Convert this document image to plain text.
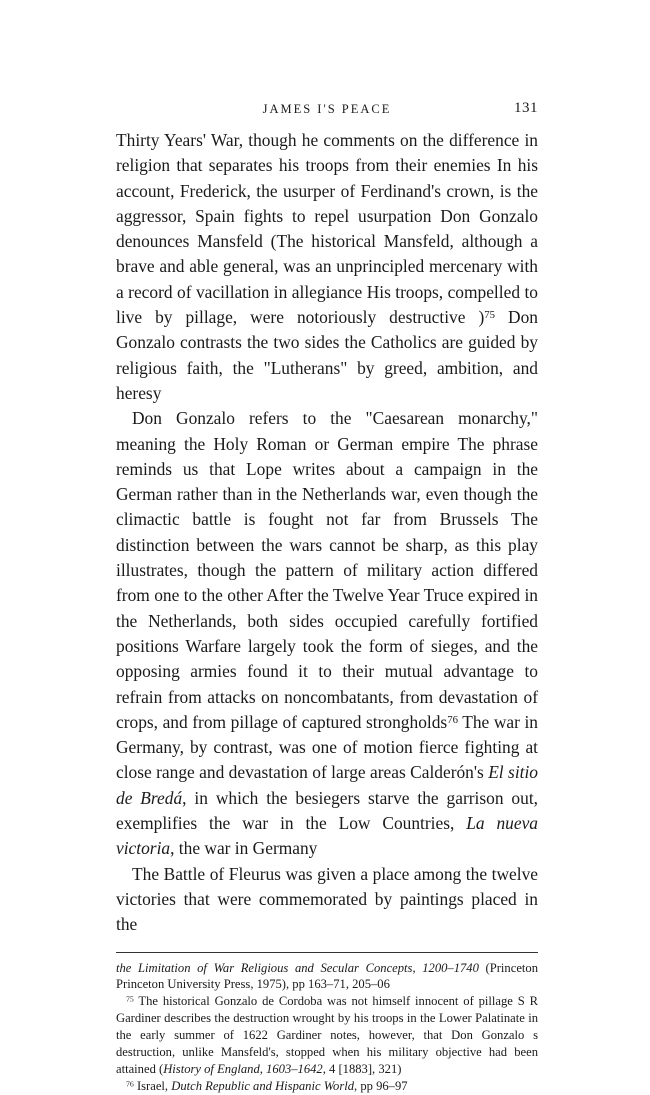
JAMES I'S PEACE	131

Thirty Years' War, though he comments on the difference in religion that separates his troops from their enemies In his account, Frederick, the usurper of Ferdinand's crown, is the aggressor, Spain fights to repel usurpation Don Gonzalo denounces Mansfeld (The historical Mansfeld, although a brave and able general, was an unprincipled mercenary with a record of vacillation in allegiance His troops, compelled to live by pillage, were notoriously destructive )$^{75}$ Don Gonzalo contrasts the two sides the Catholics are guided by religious faith, the "Lutherans" by greed, ambition, and heresy

Don Gonzalo refers to the "Caesarean monarchy," meaning the Holy Roman or German empire The phrase reminds us that Lope writes about a campaign in the German rather than in the Netherlands war, even though the climactic battle is fought not far from Brussels The distinction between the wars cannot be sharp, as this play illustrates, though the pattern of military action differed from one to the other After the Twelve Year Truce expired in the Netherlands, both sides occupied carefully fortified positions Warfare largely took the form of sieges, and the opposing armies found it to their mutual advantage to refrain from attacks on noncombatants, from devastation of crops, and from pillage of captured strongholds$^{76}$ The war in Germany, by contrast, was one of motion fierce fighting at close range and devastation of large areas Calderón's El sitio de Bredá, in which the besiegers starve the garrison out, exemplifies the war in the Low Countries, La nueva victoria, the war in Germany

The Battle of Fleurus was given a place among the twelve victories that were commemorated by paintings placed in the

the Limitation of War Religious and Secular Concepts, 1200–1740 (Princeton Princeton University Press, 1975), pp 163–71, 205–06

$^{75}$ The historical Gonzalo de Cordoba was not himself innocent of pillage S R Gardiner describes the destruction wrought by his troops in the Lower Palatinate in the early summer of 1622 Gardiner notes, however, that Don Gonzalo s destruction, unlike Mansfeld's, stopped when his military objective had been attained (History of England, 1603–1642, 4 [1883], 321)

$^{76}$ Israel, Dutch Republic and Hispanic World, pp 96–97
